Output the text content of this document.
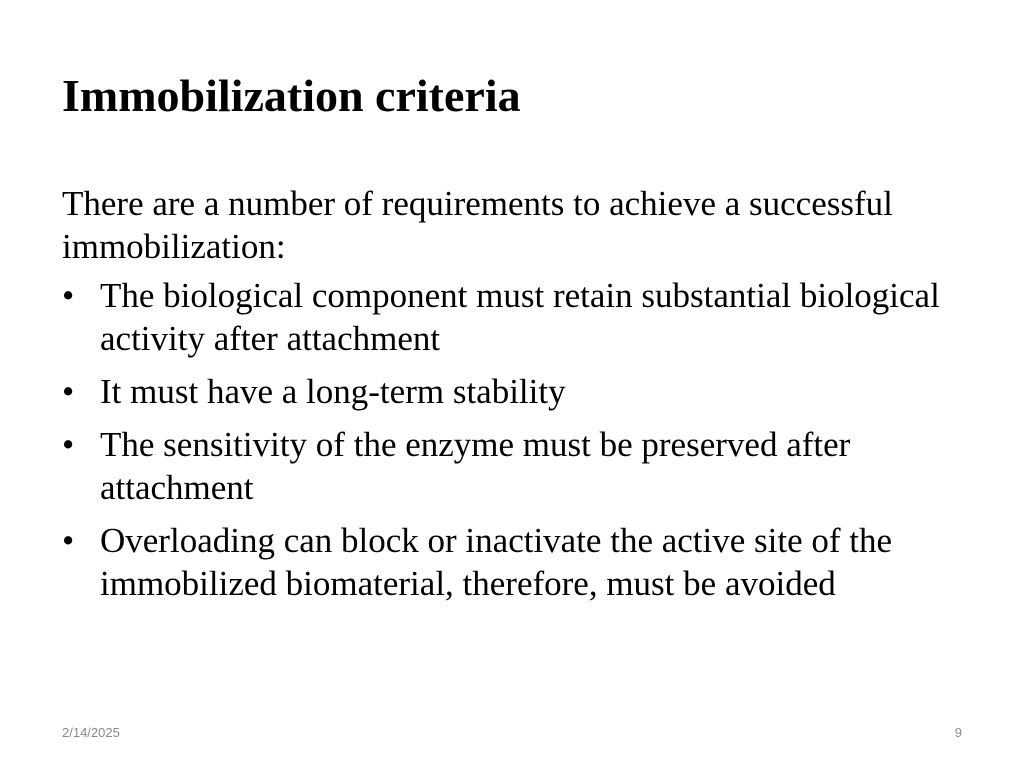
Immobilization criteria

There are a number of requirements to achieve a successful immobilization:

• The biological component must retain substantial biological activity after attachment
• It must have a long-term stability
• The sensitivity of the enzyme must be preserved after attachment
• Overloading can block or inactivate the active site of the immobilized biomaterial, therefore, must be avoided
2/14/2025	9
